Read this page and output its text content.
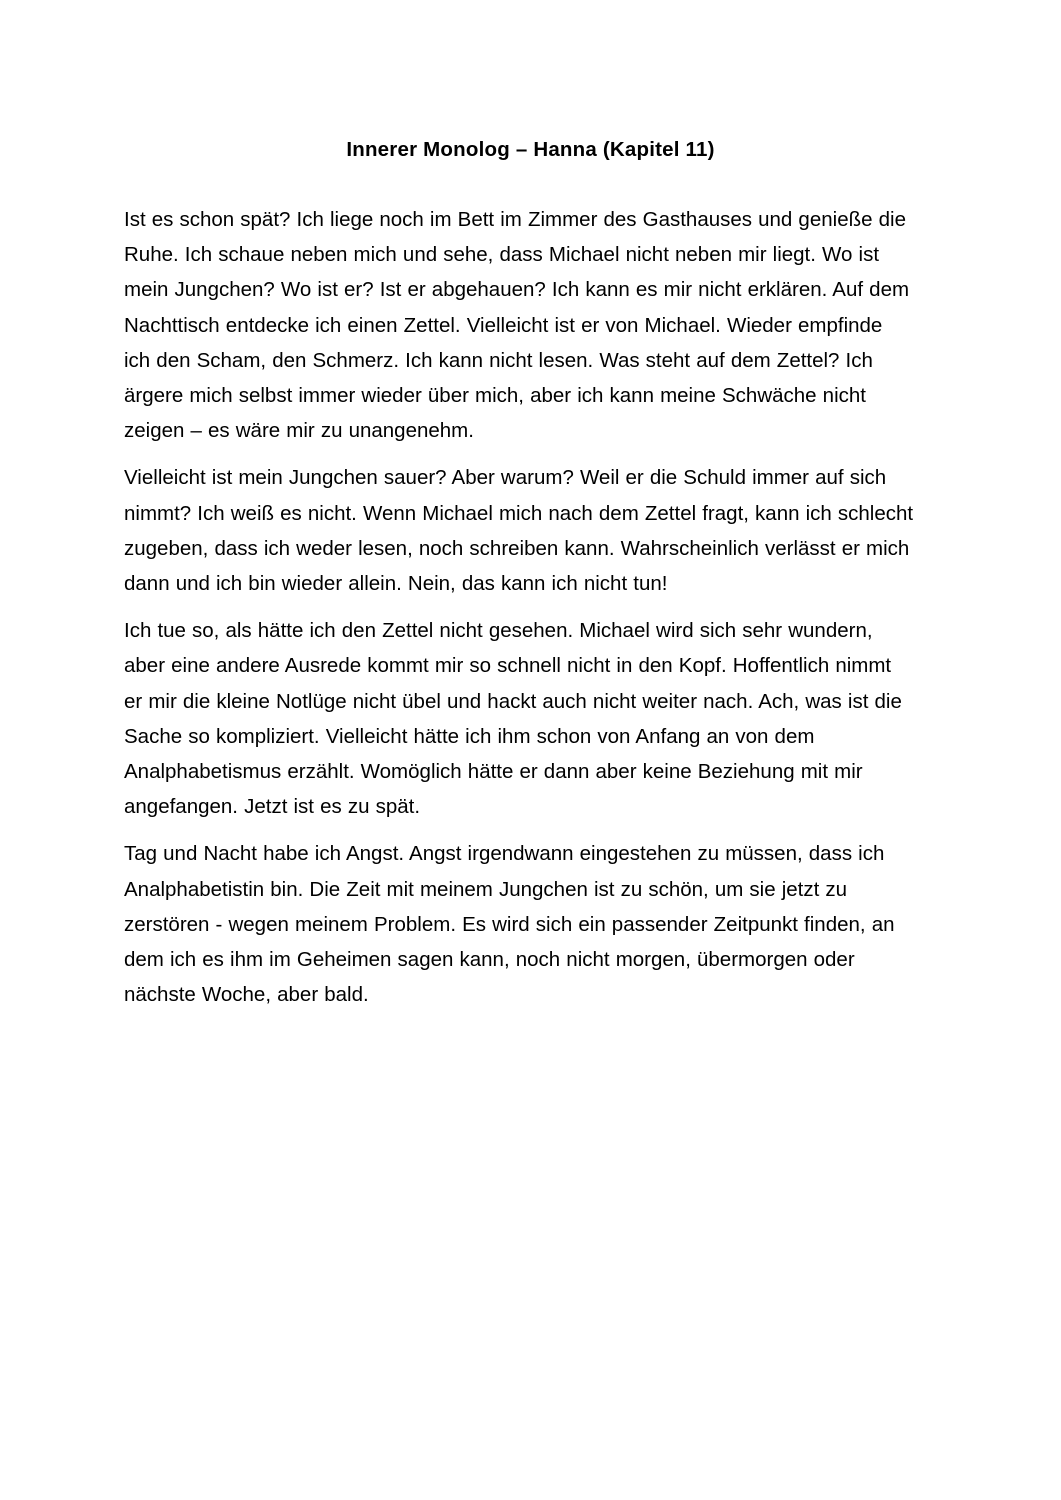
Innerer Monolog – Hanna (Kapitel 11)

Ist es schon spät? Ich liege noch im Bett im Zimmer des Gasthauses und genieße die Ruhe. Ich schaue neben mich und sehe, dass Michael nicht neben mir liegt. Wo ist mein Jungchen? Wo ist er? Ist er abgehauen? Ich kann es mir nicht erklären. Auf dem Nachttisch entdecke ich einen Zettel. Vielleicht ist er von Michael. Wieder empfinde ich den Scham, den Schmerz. Ich kann nicht lesen. Was steht auf dem Zettel? Ich ärgere mich selbst immer wieder über mich, aber ich kann meine Schwäche nicht zeigen – es wäre mir zu unangenehm.

Vielleicht ist mein Jungchen sauer? Aber warum? Weil er die Schuld immer auf sich nimmt? Ich weiß es nicht. Wenn Michael mich nach dem Zettel fragt, kann ich schlecht zugeben, dass ich weder lesen, noch schreiben kann. Wahrscheinlich verlässt er mich dann und ich bin wieder allein. Nein, das kann ich nicht tun!

Ich tue so, als hätte ich den Zettel nicht gesehen. Michael wird sich sehr wundern, aber eine andere Ausrede kommt mir so schnell nicht in den Kopf. Hoffentlich nimmt er mir die kleine Notlüge nicht übel und hackt auch nicht weiter nach. Ach, was ist die Sache so kompliziert. Vielleicht hätte ich ihm schon von Anfang an von dem Analphabetismus erzählt. Womöglich hätte er dann aber keine Beziehung mit mir angefangen. Jetzt ist es zu spät.

Tag und Nacht habe ich Angst. Angst irgendwann eingestehen zu müssen, dass ich Analphabetistin bin. Die Zeit mit meinem Jungchen ist zu schön, um sie jetzt zu zerstören - wegen meinem Problem. Es wird sich ein passender Zeitpunkt finden, an dem ich es ihm im Geheimen sagen kann, noch nicht morgen, übermorgen oder nächste Woche, aber bald.
